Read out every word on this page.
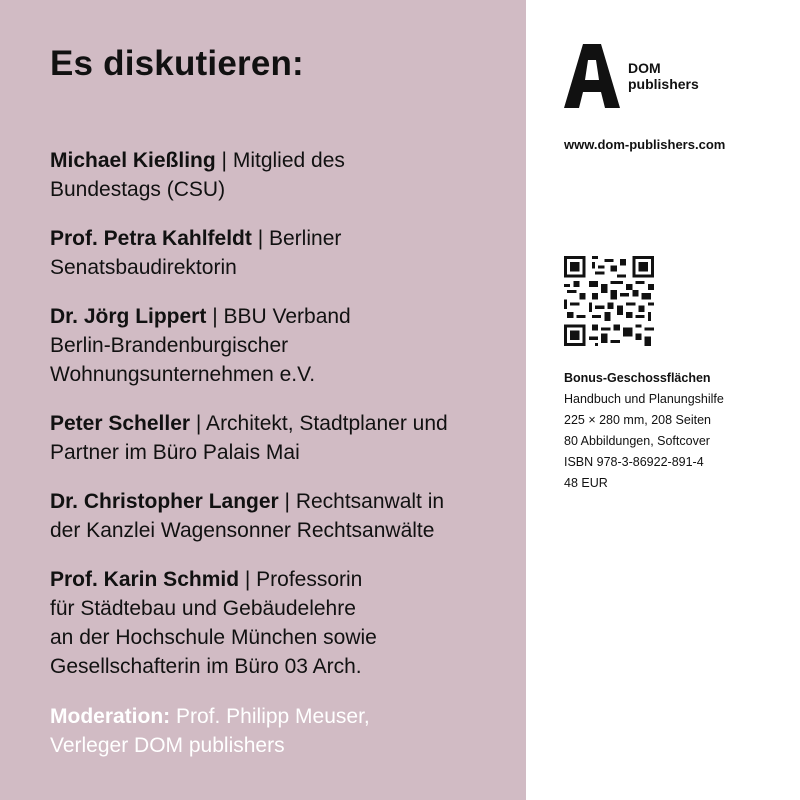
Es diskutieren:
Michael Kießling | Mitglied des
Bundestags (CSU)
Prof. Petra Kahlfeldt | Berliner
Senatsbaudirektorin
Dr. Jörg Lippert | BBU Verband
Berlin-Brandenburgischer
Wohnungsunternehmen e.V.
Peter Scheller | Architekt, Stadtplaner und
Partner im Büro Palais Mai
Dr. Christopher Langer | Rechtsanwalt in
der Kanzlei Wagensonner Rechtsanwälte
Prof. Karin Schmid | Professorin
für Städtebau und Gebäudelehre
an der Hochschule München sowie
Gesellschafterin im Büro 03 Arch.
Moderation: Prof. Philipp Meuser,
Verleger DOM publishers
DOM
publishers
www.dom-publishers.com
Bonus-Geschossflächen
Handbuch und Planungshilfe
225 × 280 mm, 208 Seiten
80 Abbildungen, Softcover
ISBN 978-3-86922-891-4
48 EUR
